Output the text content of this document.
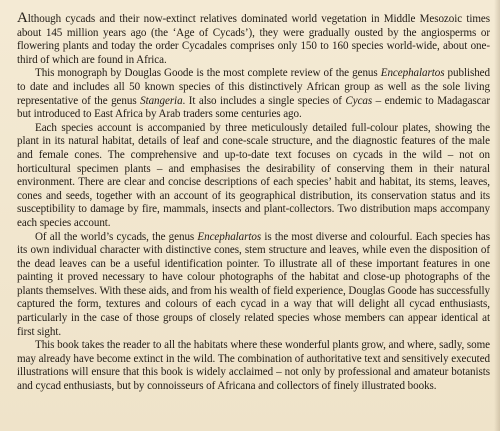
Although cycads and their now-extinct relatives dominated world vegetation in Middle Mesozoic times about 145 million years ago (the ‘Age of Cycads’), they were gradually ousted by the angiosperms or flowering plants and today the order Cycadales comprises only 150 to 160 species world-wide, about one-third of which are found in Africa.

This monograph by Douglas Goode is the most complete review of the genus Encephalartos published to date and includes all 50 known species of this distinctively African group as well as the sole living representative of the genus Stangeria. It also includes a single species of Cycas – endemic to Madagascar but introduced to East Africa by Arab traders some centuries ago.

Each species account is accompanied by three meticulously detailed full-colour plates, showing the plant in its natural habitat, details of leaf and cone-scale structure, and the diagnostic features of the male and female cones. The comprehensive and up-to-date text focuses on cycads in the wild – not on horticultural specimen plants – and emphasises the desirability of conserving them in their natural environment. There are clear and concise descriptions of each species’ habit and habitat, its stems, leaves, cones and seeds, together with an account of its geographical distribution, its conservation status and its susceptibility to damage by fire, mammals, insects and plant-collectors. Two distribution maps accompany each species account.

Of all the world’s cycads, the genus Encephalartos is the most diverse and colourful. Each species has its own individual character with distinctive cones, stem structure and leaves, while even the disposition of the dead leaves can be a useful identification pointer. To illustrate all of these important features in one painting it proved necessary to have colour photographs of the habitat and close-up photographs of the plants themselves. With these aids, and from his wealth of field experience, Douglas Goode has successfully captured the form, textures and colours of each cycad in a way that will delight all cycad enthusiasts, particularly in the case of those groups of closely related species whose members can appear identical at first sight.

This book takes the reader to all the habitats where these wonderful plants grow, and where, sadly, some may already have become extinct in the wild. The combination of authoritative text and sensitively executed illustrations will ensure that this book is widely acclaimed – not only by professional and amateur botanists and cycad enthusiasts, but by connoisseurs of Africana and collectors of finely illustrated books.
